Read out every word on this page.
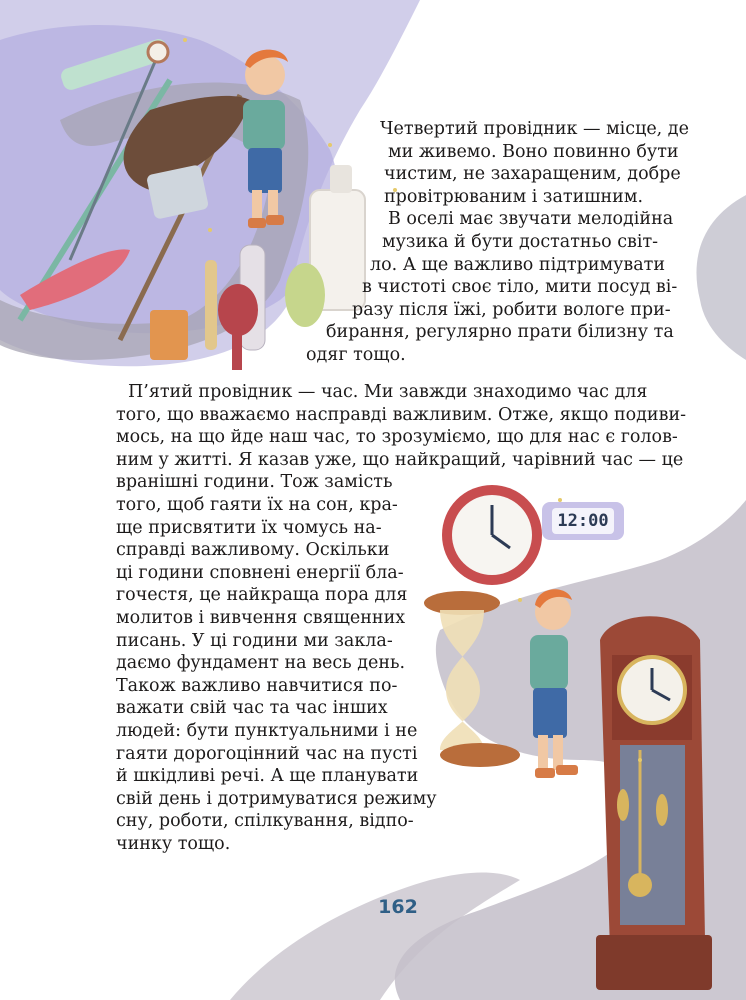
12:00
Четвертий провідник — місце, де
ми живемо. Воно повинно бути
чистим, не захаращеним, добре
провітрюваним і затишним.
В оселі має звучати мелодійна
музика й бути достатньо світ-
ло. А ще важливо підтримувати
в чистоті своє тіло, мити посуд ві-
разу після їжі, робити вологе при-
бирання, регулярно прати білизну та
одяг тощо.
П’ятий провідник — час. Ми завжди знаходимо час для
того, що вважаємо насправді важливим. Отже, якщо подиви-
мось, на що йде наш час, то зрозуміємо, що для нас є голов-
ним у житті. Я казав уже, що найкращий, чарівний час — це
вранішні години. Тож замість
того, щоб гаяти їх на сон, кра-
ще присвятити їх чомусь на-
справді важливому. Оскільки
ці години сповнені енергії бла-
гочестя, це найкраща пора для
молитов і вивчення священних
писань. У ці години ми заклa-
даємо фундамент на весь день.
Також важливо навчитися по-
важати свій час та час інших
людей: бути пунктуальними і не
гаяти дорогоцінний час на пусті
й шкідливі речі. А ще планувати
свій день і дотримуватися режиму
сну, роботи, спілкування, відпо-
чинку тощо.
162
